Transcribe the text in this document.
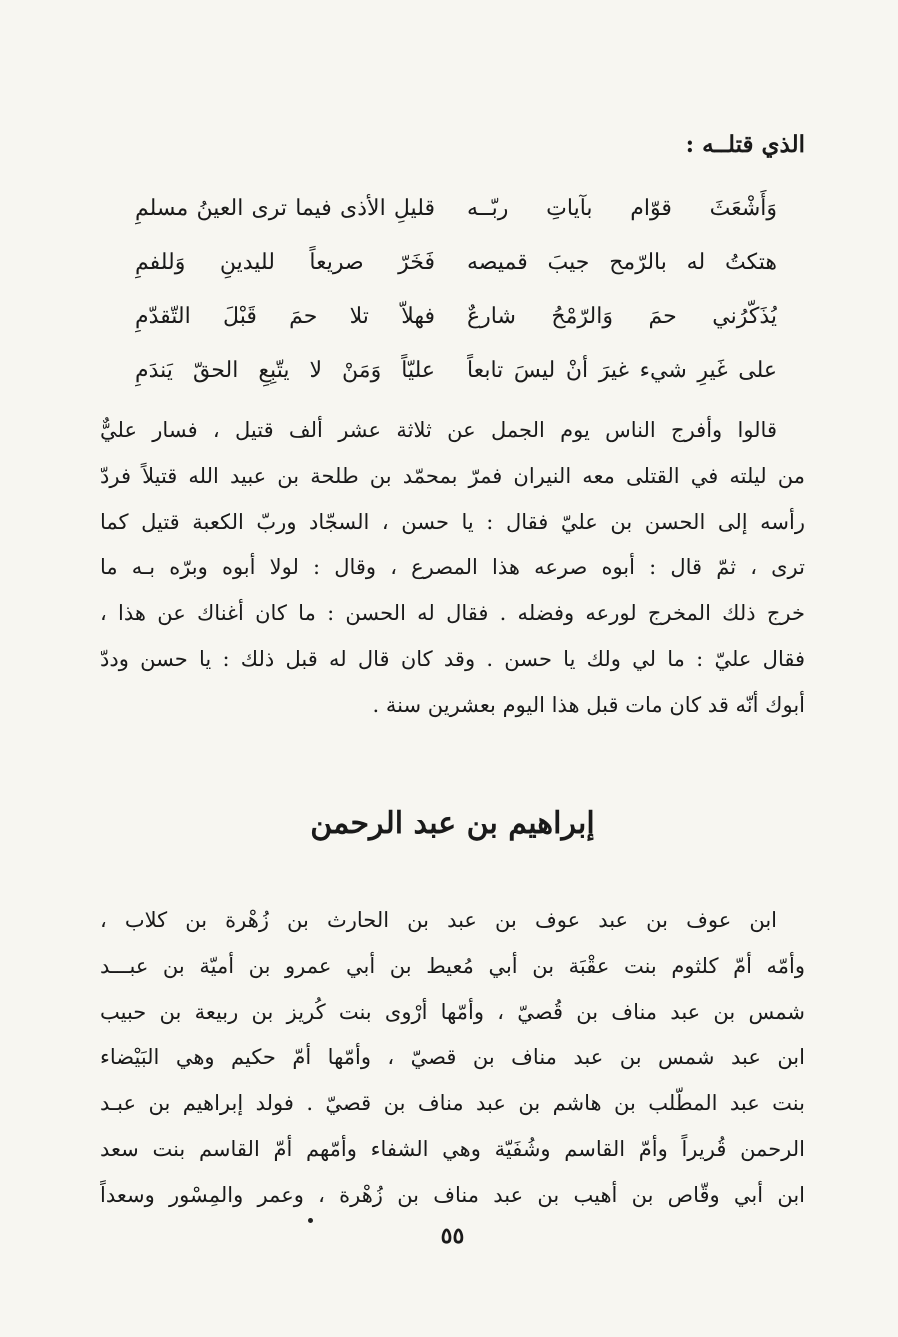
الذي قتلــه :
وَأَشْعَثَ قوّام بآياتِ ربّــه
قليلِ الأذى فيما ترى العينُ مسلمِ
هتكتُ له بالرّمح جيبَ قميصه
فَخَرّ صريعاً لليدينِ وَللفمِ
يُذَكّرُني حمَ وَالرّمْحُ شارعٌ
فهلاّ تلا حمَ قَبْلَ التّقدّمِ
على غَيرِ شيء غيرَ أنْ ليسَ تابعاً
عليّاً وَمَنْ لا يتّبِعِ الحقّ يَندَمِ
قالوا وأفرج الناس يوم الجمل عن ثلاثة عشر ألف قتيل ، فسار عليٌّ
من ليلته في القتلى معه النيران فمرّ بمحمّد بن طلحة بن عبيد الله قتيلاً فردّ
رأسه إلى الحسن بن عليّ فقال : يا حسن ، السجّاد وربّ الكعبة قتيل كما
ترى ، ثمّ قال : أبوه صرعه هذا المصرع ، وقال : لولا أبوه وبرّه بـه ما
خرج ذلك المخرج لورعه وفضله . فقال له الحسن : ما كان أغناك عن هذا ،
فقال عليّ : ما لي ولك يا حسن . وقد كان قال له قبل ذلك : يا حسن وددّ
أبوك أنّه قد كان مات قبل هذا اليوم بعشرين سنة .
إبراهيم بن عبد الرحمن
ابن عوف بن عبد عوف بن عبد بن الحارث بن زُهْرة بن كلاب ،
وأمّه أمّ كلثوم بنت عقْبَة بن أبي مُعيط بن أبي عمرو بن أميّة بن عبـــد
شمس بن عبد مناف بن قُصيّ ، وأمّها أرْوى بنت كُريز بن ربيعة بن حبيب
ابن عبد شمس بن عبد مناف بن قصيّ ، وأمّها أمّ حكيم وهي البَيْضاء
بنت عبد المطّلب بن هاشم بن عبد مناف بن قصيّ . فولد إبراهيم بن عبـد
الرحمن قُريراً وأمّ القاسم وشُفَيّة وهي الشفاء وأمّهم أمّ القاسم بنت سعد
ابن أبي وقّاص بن أهيب بن عبد مناف بن زُهْرة ، وعمر والمِسْور وسعداً
٥٥
